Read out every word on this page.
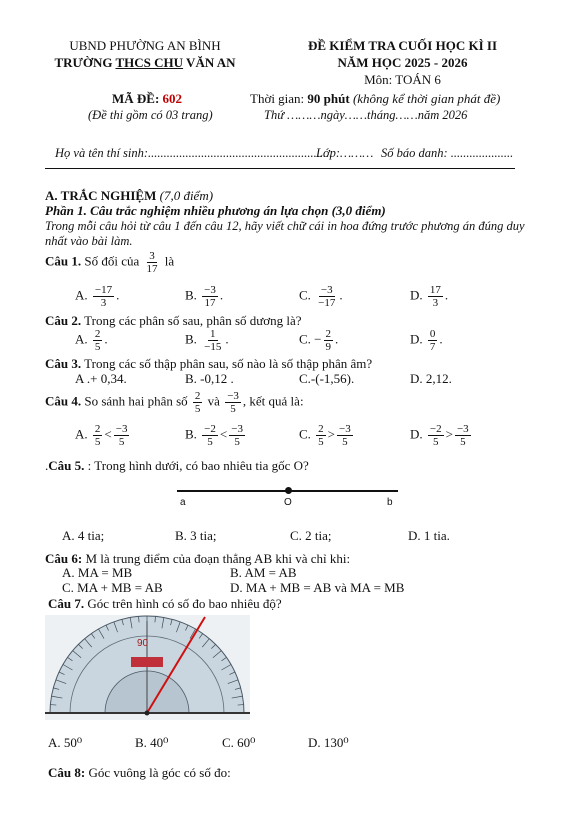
UBND PHƯỜNG AN BÌNH
TRƯỜNG THCS CHU VĂN AN
ĐỀ KIỂM TRA CUỐI HỌC KÌ II
NĂM HỌC 2025 - 2026
Môn: TOÁN 6
MÃ ĐỀ: 602
(Đề thi gồm có 03 trang)
Thời gian: 90 phút (không kể thời gian phát đề)
Thứ ………ngày……tháng……năm 2026
Họ và tên thí sinh:...........................................................
Lớp:……… Số báo danh: ....................
A. TRẮC NGHIỆM (7,0 điểm)
Phần 1. Câu trắc nghiệm nhiều phương án lựa chọn (3,0 điểm)
Trong mỗi câu hỏi từ câu 1 đến câu 12, hãy viết chữ cái in hoa đứng trước phương án đúng duy
nhất vào bài làm.
Câu 1. Số đối của $\frac{3}{17}$ là
A. $\frac{-17}{3}$ .	B. $\frac{-3}{17}$ .	C. $\frac{-3}{-17}$ .	D. $\frac{17}{3}$ .
Câu 2. Trong các phân số sau, phân số dương là?
A. $\frac{2}{5}$ .	B. $\frac{1}{-15}$ .	C. − $\frac{2}{9}$ .	D. $\frac{0}{7}$ .
Câu 3. Trong các số thập phân sau, số nào là số thập phân âm?
A .+ 0,34.	B. -0,12 .	C.-(-1,56).	D. 2,12.
Câu 4. So sánh hai phân số $\frac{2}{5}$ và $\frac{-3}{5}$ , kết quả là:
A. $\frac{2}{5} < \frac{-3}{5}$	B. $\frac{-2}{5} < \frac{-3}{5}$	C. $\frac{2}{5} > \frac{-3}{5}$	D. $\frac{-2}{5} > \frac{-3}{5}$
.Câu 5. : Trong hình dưới, có bao nhiêu tia gốc O?
a	O	b
A. 4 tia;	B. 3 tia;	C. 2 tia;	D. 1 tia.
Câu 6: M là trung điểm của đoạn thẳng AB khi và chỉ khi:
A. MA = MB	B. AM = AB
C. MA + MB = AB	D. MA + MB = AB và MA = MB
Câu 7. Góc trên hình có số đo bao nhiêu độ?
90
A. 50⁰	B. 40⁰	C. 60⁰	D. 130⁰
Câu 8: Góc vuông là góc có số đo:
